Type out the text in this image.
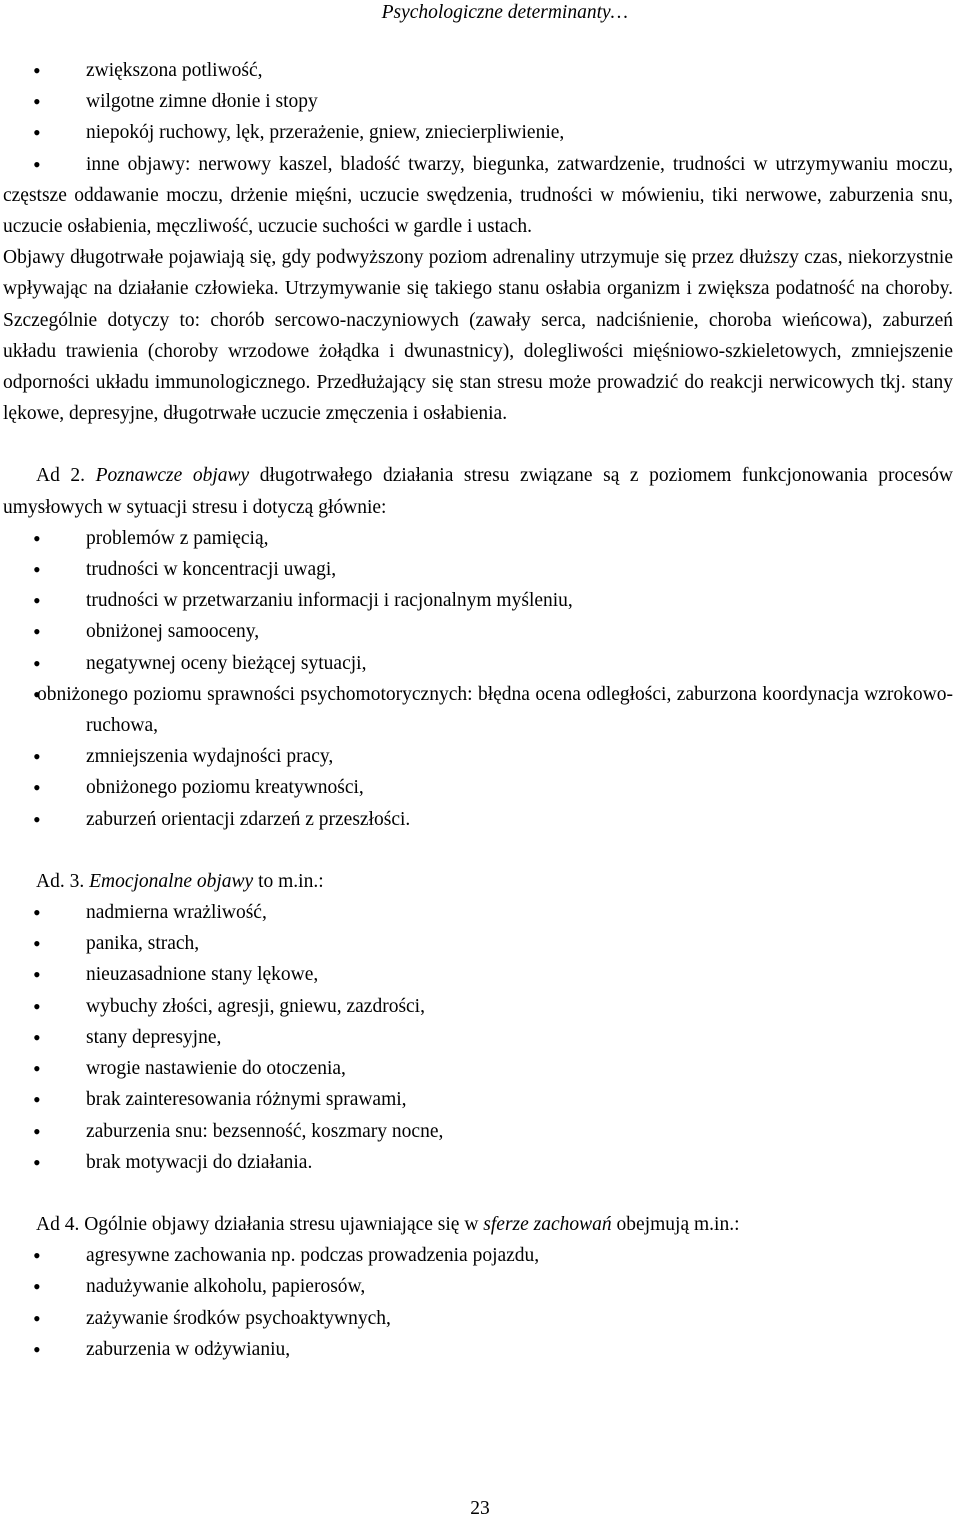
Psychologiczne determinanty…
• zwiększona potliwość,
• wilgotne zimne dłonie i stopy
• niepokój ruchowy, lęk, przerażenie, gniew, zniecierpliwienie,
• inne objawy: nerwowy kaszel, bladość twarzy, biegunka, zatwardzenie, trudności w utrzymywaniu moczu, częstsze oddawanie moczu, drżenie mięśni, uczucie swędzenia, trudności w mówieniu, tiki nerwowe, zaburzenia snu, uczucie osłabienia, męczliwość, uczucie suchości w gardle i ustach.

Objawy długotrwałe pojawiają się, gdy podwyższony poziom adrenaliny utrzymuje się przez dłuższy czas, niekorzystnie wpływając na działanie człowieka. Utrzymywanie się takiego stanu osłabia organizm i zwiększa podatność na choroby. Szczególnie dotyczy to: chorób sercowo-naczyniowych (zawały serca, nadciśnienie, choroba wieńcowa), zaburzeń układu trawienia (choroby wrzodowe żołądka i dwunastnicy), dolegliwości mięśniowo-szkieletowych, zmniejszenie odporności układu immunologicznego. Przedłużający się stan stresu może prowadzić do reakcji nerwicowych tkj. stany lękowe, depresyjne, długotrwałe uczucie zmęczenia i osłabienia.

Ad 2. Poznawcze objawy długotrwałego działania stresu związane są z poziomem funkcjonowania procesów umysłowych w sytuacji stresu i dotyczą głównie:

• problemów z pamięcią,
• trudności w koncentracji uwagi,
• trudności w przetwarzaniu informacji i racjonalnym myśleniu,
• obniżonej samooceny,
• negatywnej oceny bieżącej sytuacji,
• obniżonego poziomu sprawności psychomotorycznych: błędna ocena odległości, zaburzona koordynacja wzrokowo-ruchowa,
• zmniejszenia wydajności pracy,
• obniżonego poziomu kreatywności,
• zaburzeń orientacji zdarzeń z przeszłości.

Ad. 3. Emocjonalne objawy to m.in.:

• nadmierna wrażliwość,
• panika, strach,
• nieuzasadnione stany lękowe,
• wybuchy złości, agresji, gniewu, zazdrości,
• stany depresyjne,
• wrogie nastawienie do otoczenia,
• brak zainteresowania różnymi sprawami,
• zaburzenia snu: bezsenność, koszmary nocne,
• brak motywacji do działania.

Ad 4. Ogólnie objawy działania stresu ujawniające się w sferze zachowań obejmują m.in.:

• agresywne zachowania np. podczas prowadzenia pojazdu,
• nadużywanie alkoholu, papierosów,
• zażywanie środków psychoaktywnych,
• zaburzenia w odżywianiu,
23
